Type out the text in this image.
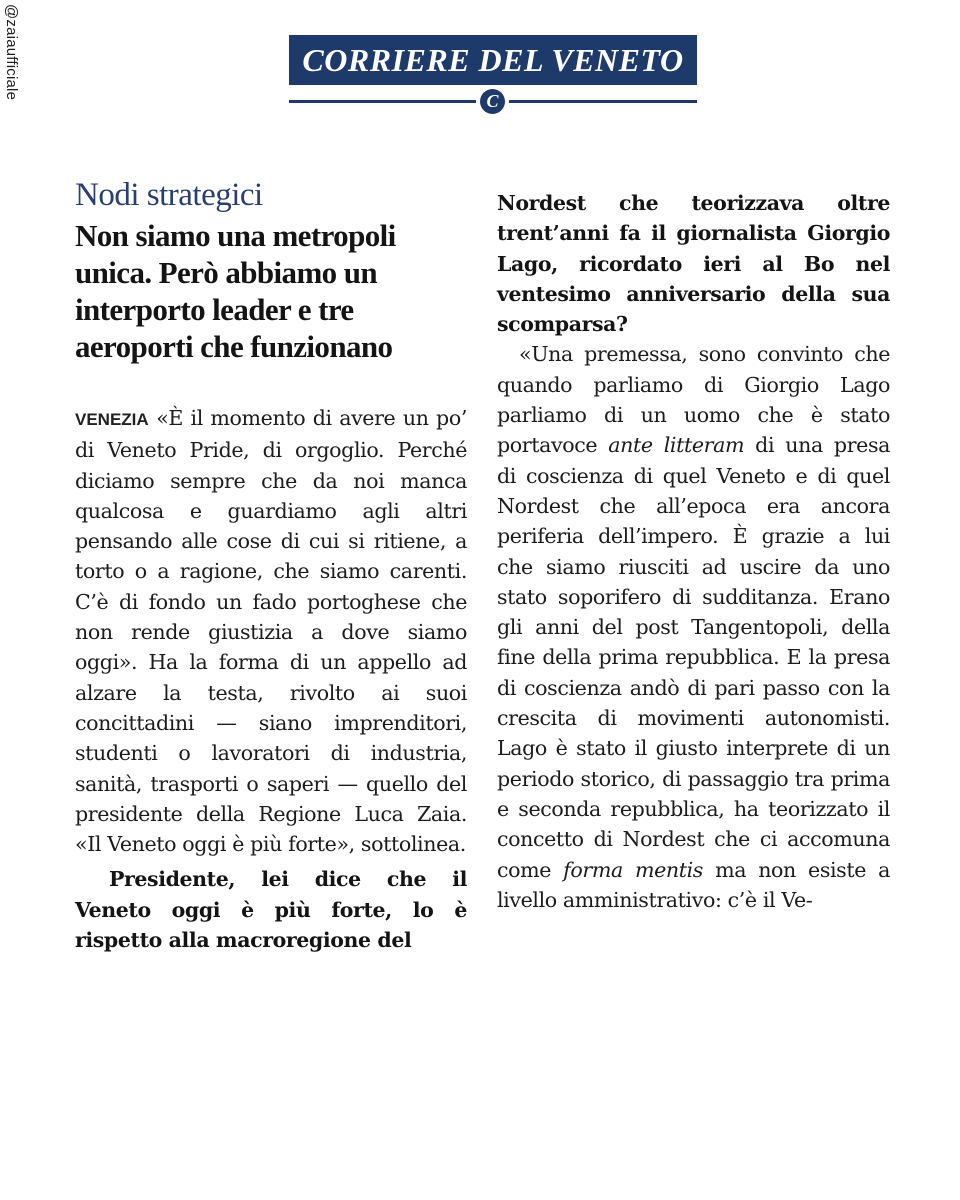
@zaiaufficiale	CORRIERE DEL VENETO
C
Nodi strategici
Non siamo una metropoli unica. Però abbiamo un interporto leader e tre aeroporti che funzionano

VENEZIA «È il momento di avere un po’ di Veneto Pride, di orgoglio. Perché diciamo sempre che da noi manca qualcosa e guardiamo agli altri pensando alle cose di cui si ritiene, a torto o a ragione, che siamo carenti. C’è di fondo un fado portoghese che non rende giustizia a dove siamo oggi». Ha la forma di un appello ad alzare la testa, rivolto ai suoi concittadini — siano imprenditori, studenti o lavoratori di industria, sanità, trasporti o saperi — quello del presidente della Regione Luca Zaia. «Il Veneto oggi è più forte», sottolinea.

Presidente, lei dice che il Veneto oggi è più forte, lo è rispetto alla macroregione del

Nordest che teorizzava oltre trent’anni fa il giornalista Giorgio Lago, ricordato ieri al Bo nel ventesimo anniversario della sua scomparsa?

«Una premessa, sono convinto che quando parliamo di Giorgio Lago parliamo di un uomo che è stato portavoce ante litteram di una presa di coscienza di quel Veneto e di quel Nordest che all’epoca era ancora periferia dell’impero. È grazie a lui che siamo riusciti ad uscire da uno stato soporifero di sudditanza. Erano gli anni del post Tangentopoli, della fine della prima repubblica. E la presa di coscienza andò di pari passo con la crescita di movimenti autonomisti. Lago è stato il giusto interprete di un periodo storico, di passaggio tra prima e seconda repubblica, ha teorizzato il concetto di Nordest che ci accomuna come forma mentis ma non esiste a livello amministrativo: c’è il Ve-
